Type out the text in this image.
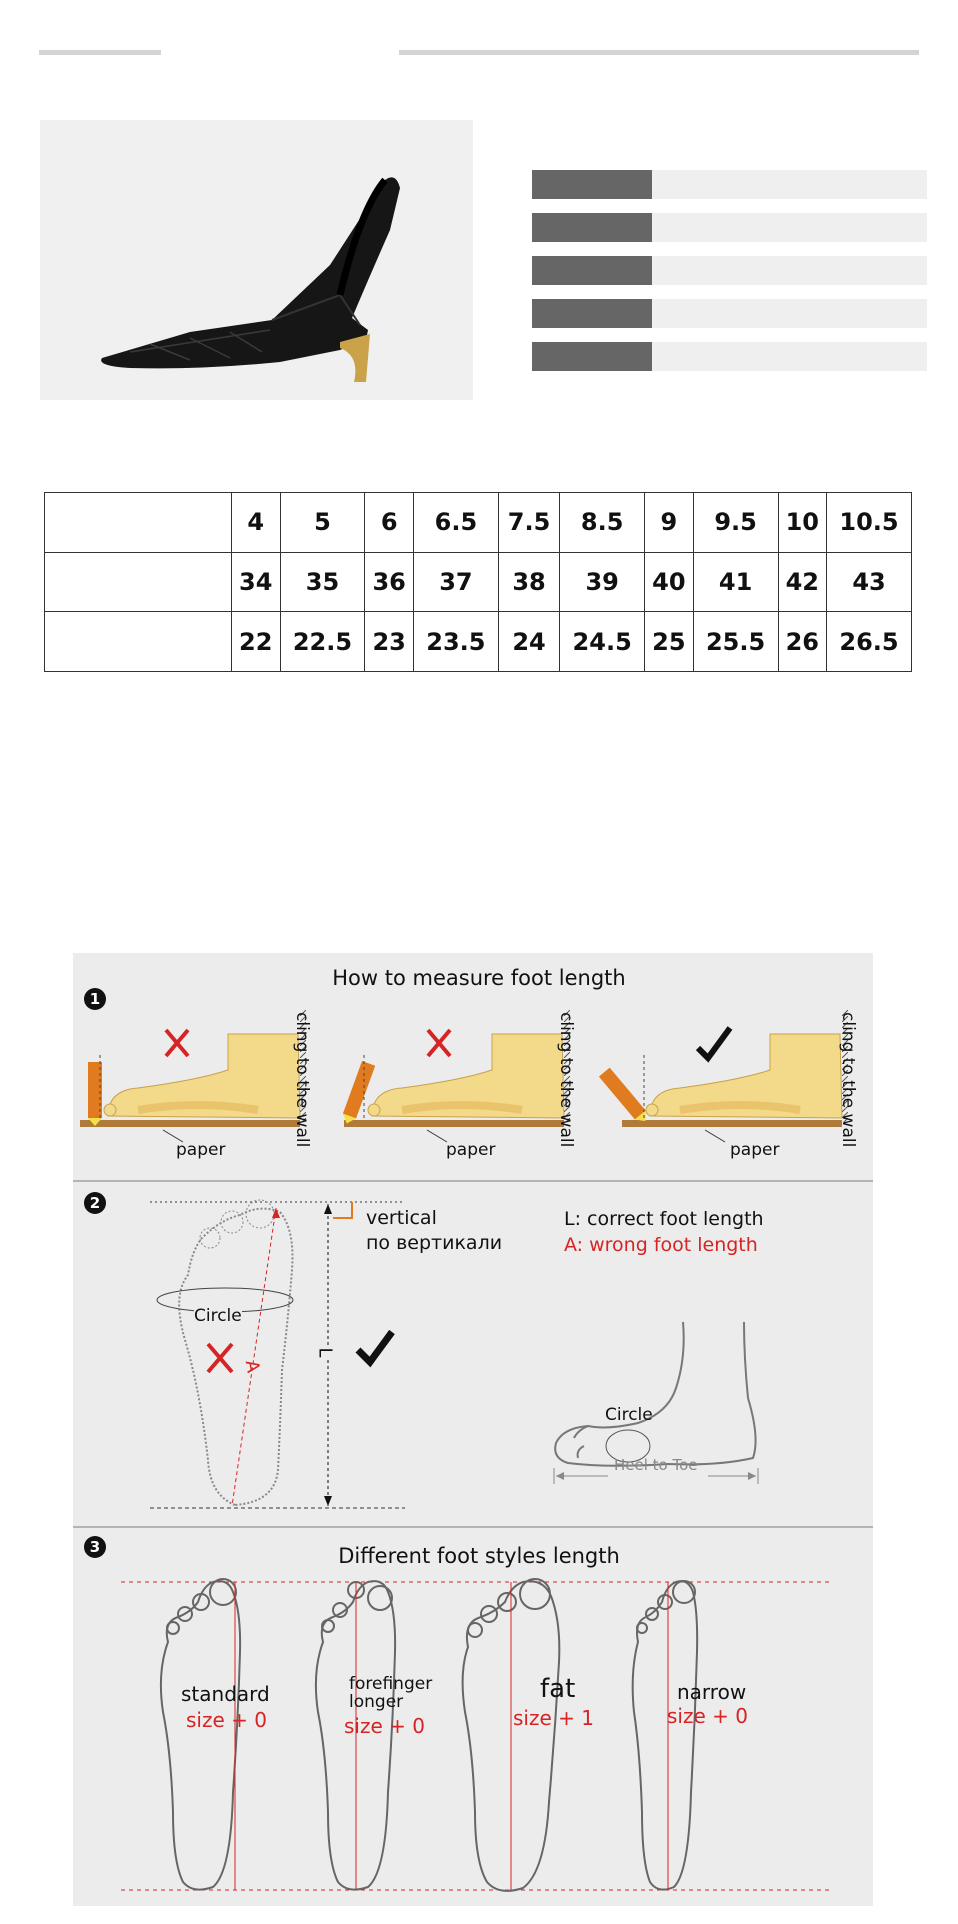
	4	5	6	6.5	7.5	8.5	9	9.5	10	10.5
	34	35	36	37	38	39	40	41	42	43
	22	22.5	23	23.5	24	24.5	25	25.5	26	26.5
1
How to measure foot length
paper
cling to the wall
paper
cling to the wall
paper
cling to the wall
2
Circle
A
L
vertical
по вертикали
L: correct foot length
A: wrong foot length
Circle
Heel to Toe
3	Different foot styles length
standard
size + 0
forefinger
longer
size + 0
fat
size + 1
narrow
size + 0
